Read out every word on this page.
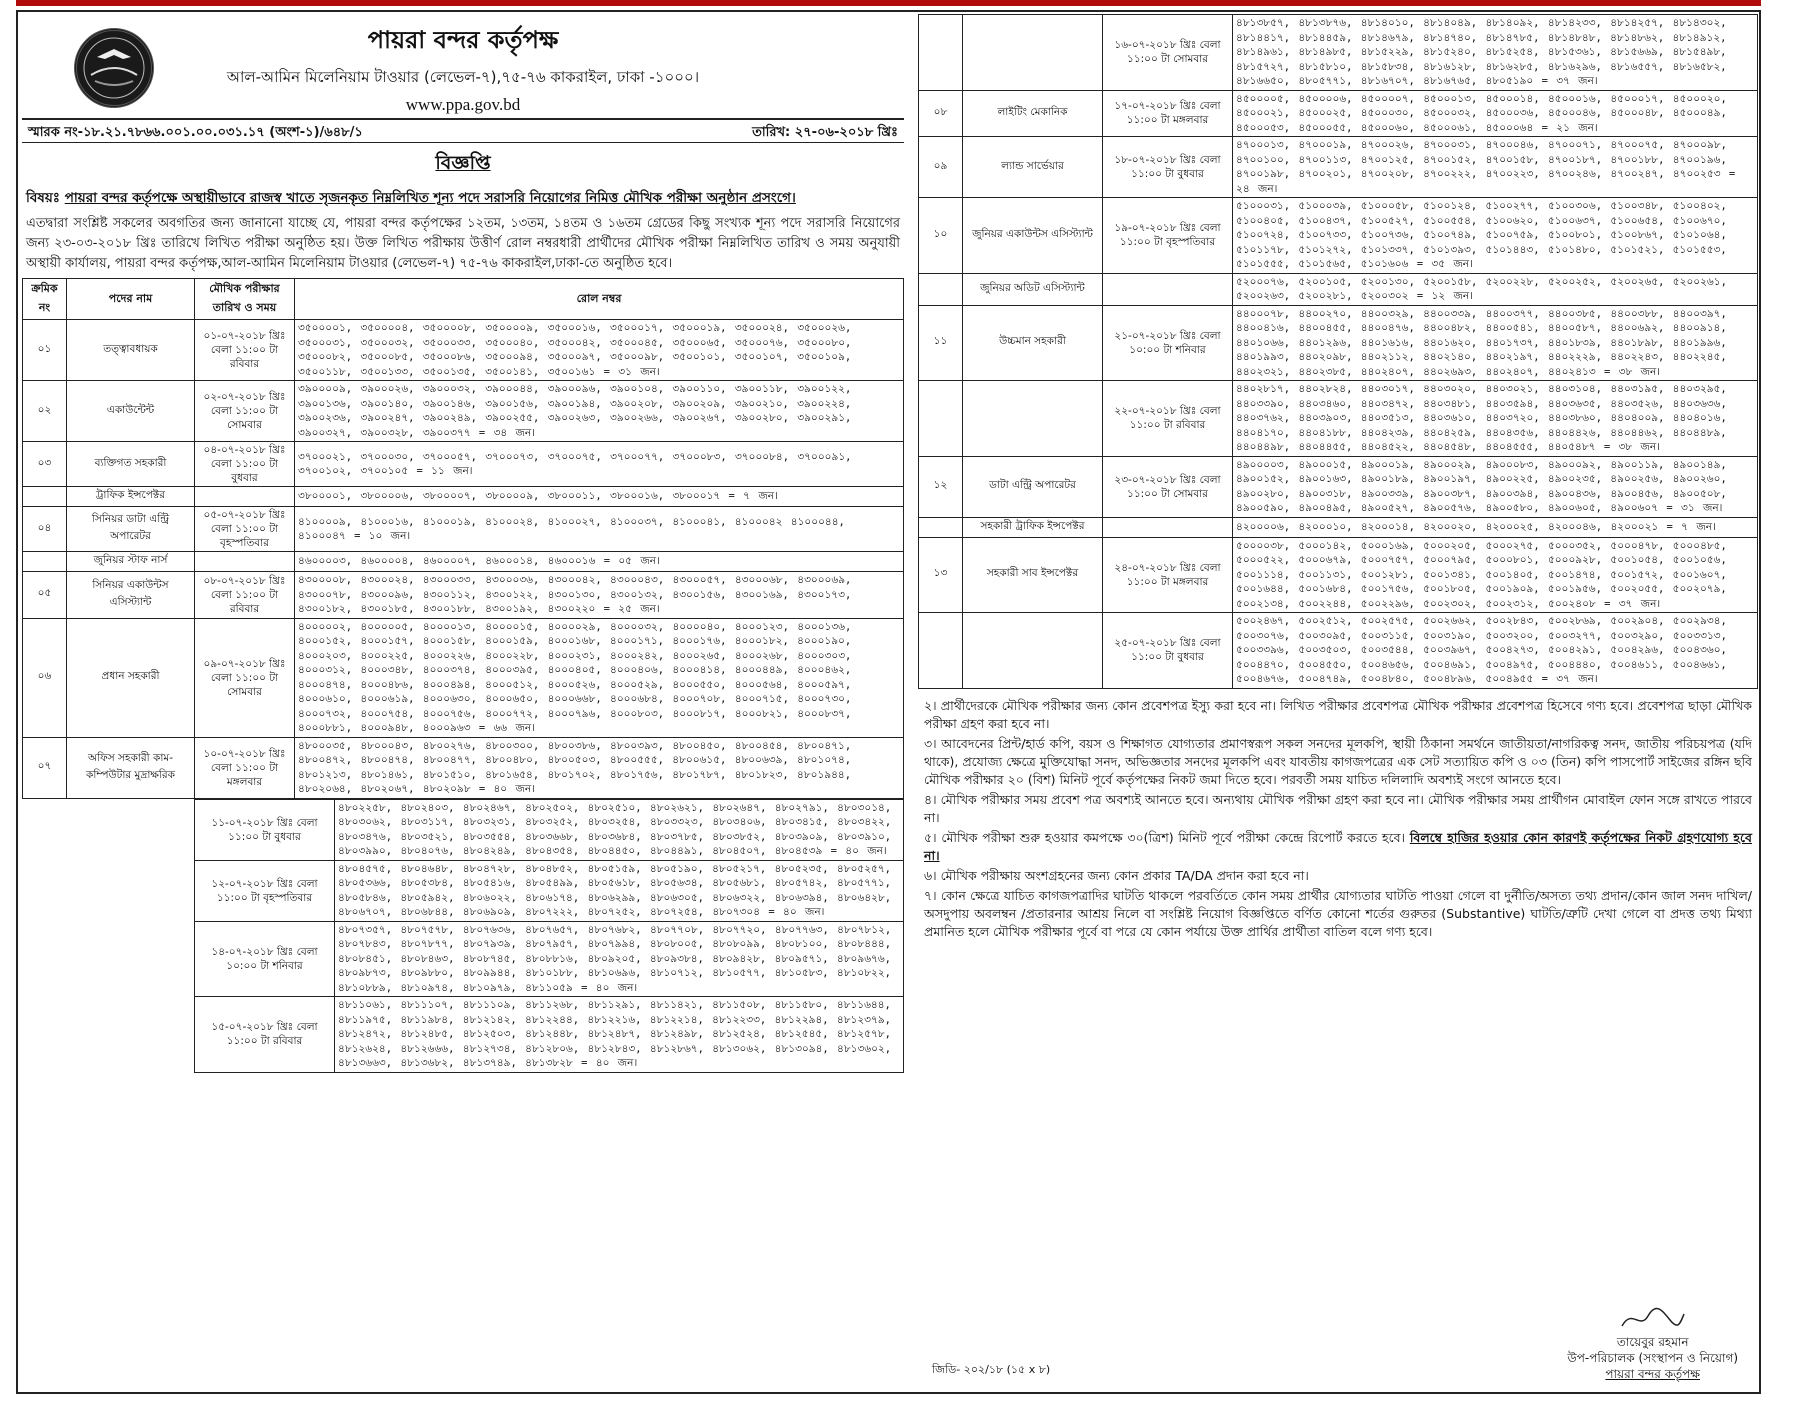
পায়রা বন্দর কর্তৃপক্ষ
আল-আমিন মিলেনিয়াম টাওয়ার (লেভেল-৭),৭৫-৭৬ কাকরাইল, ঢাকা -১০০০।
www.ppa.gov.bd
স্মারক নং-১৮.২১.৭৮৬৬.০০১.০০.০৩১.১৭ (অংশ-১)/৬৪৮/১	তারিখ: ২৭-০৬-২০১৮ খ্রিঃ
বিজ্ঞপ্তি
বিষয়ঃ পায়রা বন্দর কর্তৃপক্ষে অস্থায়ীভাবে রাজস্ব খাতে সৃজনকৃত নিম্নলিখিত শূন্য পদে সরাসরি নিয়োগের নিমিত্ত মৌখিক পরীক্ষা অনুষ্ঠান প্রসংগে।
এতদ্বারা সংশ্লিষ্ট সকলের অবগতির জন্য জানানো যাচ্ছে যে, পায়রা বন্দর কর্তৃপক্ষের ১২তম, ১৩তম, ১৪তম ও ১৬তম গ্রেডের কিছু সংখ্যক শূন্য পদে সরাসরি নিয়োগের জন্য ২৩-০৩-২০১৮ খ্রিঃ তারিখে লিখিত পরীক্ষা অনুষ্ঠিত হয়। উক্ত লিখিত পরীক্ষায় উত্তীর্ণ রোল নম্বরধারী প্রার্থীদের মৌখিক পরীক্ষা নিম্নলিখিত তারিখ ও সময় অনুযায়ী অস্থায়ী কার্যালয়, পায়রা বন্দর কর্তৃপক্ষ,আল-আমিন মিলেনিয়াম টাওয়ার (লেভেল-৭) ৭৫-৭৬ কাকরাইল,ঢাকা-তে অনুষ্ঠিত হবে।
ক্রমিক নং	পদের নাম	মৌখিক পরীক্ষার তারিখ ও সময়	রোল নম্বর
০১	তত্ত্বাবধায়ক	০১-০৭-২০১৮ খ্রিঃ বেলা ১১:০০ টা রবিবার	৩৫০০০০১, ৩৫০০০০৪, ৩৫০০০০৮, ৩৫০০০০৯, ৩৫০০০১৬, ৩৫০০০১৭, ৩৫০০০১৯, ৩৫০০০২৪, ৩৫০০০২৬, ৩৫০০০৩১, ৩৫০০০৩২, ৩৫০০০৩৩, ৩৫০০০৪০, ৩৫০০০৪২, ৩৫০০০৪৫, ৩৫০০০৬৫, ৩৫০০০৭৬, ৩৫০০০৮০, ৩৫০০০৮২, ৩৫০০০৮৫, ৩৫০০০৮৬, ৩৫০০০৯৪, ৩৫০০০৯৭, ৩৫০০০৯৮, ৩৫০০১০১, ৩৫০০১০৭, ৩৫০০১০৯, ৩৫০০১১৮, ৩৫০০১৩৩, ৩৫০০১৩৫, ৩৫০০১৪১, ৩৫০০১৬১ = ৩১ জন।
০২	একাউন্টেন্ট	০২-০৭-২০১৮ খ্রিঃ বেলা ১১:০০ টা সোমবার	৩৯০০০০৯, ৩৯০০০২৬, ৩৯০০০৩২, ৩৯০০০৪৪, ৩৯০০০৯৬, ৩৯০০১০৪, ৩৯০০১১০, ৩৯০০১১৮, ৩৯০০১২২, ৩৯০০১৩৬, ৩৯০০১৪০, ৩৯০০১৪৬, ৩৯০০১৫৬, ৩৯০০১৯৪, ৩৯০০২০৮, ৩৯০০২০৯, ৩৯০০২১০, ৩৯০০২২৪, ৩৯০০২৩৬, ৩৯০০২৪৭, ৩৯০০২৪৯, ৩৯০০২৫৫, ৩৯০০২৬৩, ৩৯০০২৬৬, ৩৯০০২৬৭, ৩৯০০২৮০, ৩৯০০২৯১, ৩৯০০৩২৭, ৩৯০০৩২৮, ৩৯০০৩৭৭ = ৩৪ জন।
০৩	ব্যক্তিগত সহকারী	০৪-০৭-২০১৮ খ্রিঃ বেলা ১১:০০ টা বুধবার	৩৭০০০২১, ৩৭০০০৩০, ৩৭০০০৫৭, ৩৭০০০৭৩, ৩৭০০০৭৫, ৩৭০০০৭৭, ৩৭০০০৮৩, ৩৭০০০৮৪, ৩৭০০০৯১, ৩৭০০১০২, ৩৭০০১০৫ = ১১ জন।
	ট্রাফিক ইন্সপেক্টর		৩৮০০০০১, ৩৮০০০০৬, ৩৮০০০০৭, ৩৮০০০০৯, ৩৮০০০১১, ৩৮০০০১৬, ৩৮০০০১৭ = ৭ জন।
০৪	সিনিয়র ডাটা এন্ট্রি অপারেটর	০৫-০৭-২০১৮ খ্রিঃ বেলা ১১:০০ টা বৃহস্পতিবার	৪১০০০০৯, ৪১০০০১৬, ৪১০০০১৯, ৪১০০০২৪, ৪১০০০২৭, ৪১০০০৩৭, ৪১০০০৪১, ৪১০০০৪২ ৪১০০০৪৪, ৪১০০০৪৭ = ১০ জন।
	জুনিয়র স্টাফ নার্স		৪৬০০০০৩, ৪৬০০০০৪, ৪৬০০০০৭, ৪৬০০০১৪, ৪৬০০০১৬ = ০৫ জন।
০৫	সিনিয়র একাউন্টস এসিস্ট্যান্ট	০৮-০৭-২০১৮ খ্রিঃ বেলা ১১:০০ টা রবিবার	৪৩০০০০৮, ৪৩০০০২৪, ৪৩০০০৩৩, ৪৩০০০৩৬, ৪৩০০০৪২, ৪৩০০০৪৩, ৪৩০০০৫৭, ৪৩০০০৬৮, ৪৩০০০৬৯, ৪৩০০০৭৮, ৪৩০০০৯৬, ৪৩০০১১২, ৪৩০০১২২, ৪৩০০১৩০, ৪৩০০১৩২, ৪৩০০১৫৬, ৪৩০০১৬৯, ৪৩০০১৭৩, ৪৩০০১৮২, ৪৩০০১৮৫, ৪৩০০১৮৮, ৪৩০০১৯২, ৪৩০০২২০ = ২৫ জন।
০৬	প্রধান সহকারী	০৯-০৭-২০১৮ খ্রিঃ বেলা ১১:০০ টা সোমবার	৪০০০০০২, ৪০০০০০৫, ৪০০০০১৩, ৪০০০০১৫, ৪০০০০২৯, ৪০০০০৩২, ৪০০০০৪০, ৪০০০১২৩, ৪০০০১৩৬, ৪০০০১৫২, ৪০০০১৫৭, ৪০০০১৫৮, ৪০০০১৫৯, ৪০০০১৬৮, ৪০০০১৭১, ৪০০০১৭৬, ৪০০০১৮২, ৪০০০১৯০, ৪০০০২০৩, ৪০০০২২৫, ৪০০০২২৬, ৪০০০২২৮, ৪০০০২৩১, ৪০০০২৪২, ৪০০০২৬৫, ৪০০০২৬৮, ৪০০০৩০৩, ৪০০০৩১২, ৪০০০৩৪৮, ৪০০০৩৭৪, ৪০০০৩৯৫, ৪০০০৪০৫, ৪০০০৪০৬, ৪০০০৪১৪, ৪০০০৪৪৯, ৪০০০৪৬২, ৪০০০৪৭৪, ৪০০০৪৮৬, ৪০০০৪৯৪, ৪০০০৫১২, ৪০০০৫২৬, ৪০০০৫২৯, ৪০০০৫৫০, ৪০০০৫৬৪, ৪০০০৫৯৭, ৪০০০৬১০, ৪০০০৬১৯, ৪০০০৬৩০, ৪০০০৬৫০, ৪০০০৬৬৮, ৪০০০৬৮৪, ৪০০০৭০৮, ৪০০০৭১৫, ৪০০০৭৩০, ৪০০০৭৩২, ৪০০০৭৫৪, ৪০০০৭৫৬, ৪০০০৭৭২, ৪০০০৭৯৬, ৪০০০৮০৩, ৪০০০৮১৭, ৪০০০৮২১, ৪০০০৮৩৭, ৪০০০৮৮১, ৪০০০৯৪৮, ৪০০০৯৬৩ = ৬৬ জন।
০৭	অফিস সহকারী কাম-কম্পিউটার মুদ্রাক্ষরিক	১০-০৭-২০১৮ খ্রিঃ বেলা ১১:০০ টা মঙ্গলবার	৪৮০০০৩৫, ৪৮০০০৪৩, ৪৮০০২৭৬, ৪৮০০৩০০, ৪৮০০৩৮৬, ৪৮০০৩৯৩, ৪৮০০৪৫০, ৪৮০০৪৫৪, ৪৮০০৪৭১, ৪৮০০৪৭২, ৪৮০০৪৭৪, ৪৮০০৪৭৭, ৪৮০০৪৮০, ৪৮০০৫০৩, ৪৮০০৫৫৫, ৪৮০০৬১৫, ৪৮০০৬৩৯, ৪৮০১০৭৪, ৪৮০১২১৩, ৪৮০১৪৬১, ৪৮০১৫১০, ৪৮০১৬৫৪, ৪৮০১৭০২, ৪৮০১৭৫৬, ৪৮০১৭৮৭, ৪৮০১৮২৩, ৪৮০১৯৪৪, ৪৮০২০৬৪, ৪৮০২০৬৭, ৪৮০২০৯৮ = ৪০ জন।
১১-০৭-২০১৮ খ্রিঃ বেলা ১১:০০ টা বুধবার	৪৮০২২৫৮, ৪৮০২৪০৩, ৪৮০২৪৬৭, ৪৮০২৫০২, ৪৮০২৫১০, ৪৮০২৬২১, ৪৮০২৬৪৭, ৪৮০২৭৯১, ৪৮০৩০১৪, ৪৮০৩০৬২, ৪৮০৩১১৭, ৪৮০৩২৩১, ৪৮০৩২৫২, ৪৮০৩২৫৪, ৪৮০৩৩২৩, ৪৮০৩৪০৬, ৪৮০৩৪১৫, ৪৮০৩৪২২, ৪৮০৩৪৭৬, ৪৮০৩৫২১, ৪৮০৩৫৫৪, ৪৮০৩৬৬৮, ৪৮০৩৬৮৪, ৪৮০৩৭৮৫, ৪৮০৩৮৫২, ৪৮০৩৯০৯, ৪৮০৩৯১০, ৪৮০৩৯৯০, ৪৮০৪০৭৬, ৪৮০৪২৪৯, ৪৮০৪৩৫৪, ৪৮০৪৪৫০, ৪৮০৪৪৯১, ৪৮০৪৫০৭, ৪৮০৪৫৩৯ = ৪০ জন।
১২-০৭-২০১৮ খ্রিঃ বেলা ১১:০০ টা বৃহস্পতিবার	৪৮০৪৫৭৫, ৪৮০৪৬৪৮, ৪৮০৪৭২৮, ৪৮০৪৮৫২, ৪৮০৫১৫৯, ৪৮০৫১৯০, ৪৮০৫২১৭, ৪৮০৫২৩৫, ৪৮০৫২৫৭, ৪৮০৫৩৬৬, ৪৮০৫৩৮৪, ৪৮০৫৪১৬, ৪৮০৫৪৯৯, ৪৮০৫৬১৮, ৪৮০৫৬৩৪, ৪৮০৫৬৮১, ৪৮০৫৭৪২, ৪৮০৫৭৭১, ৪৮০৫৮৪৬, ৪৮০৫৯৪২, ৪৮০৬০২২, ৪৮০৬১৭৪, ৪৮০৬২৯৯, ৪৮০৬৩০৫, ৪৮০৬৩২২, ৪৮০৬৩৯৪, ৪৮০৬৪২৮, ৪৮০৬৭০৭, ৪৮০৬৮৪৪, ৪৮০৬৯০৯, ৪৮০৭২২২, ৪৮০৭২৫২, ৪৮০৭২৫৪, ৪৮০৭৩০৪ = ৪০ জন।
১৪-০৭-২০১৮ খ্রিঃ বেলা ১০:০০ টা শনিবার	৪৮০৭৩৫৭, ৪৮০৭৫৭৮, ৪৮০৭৬৩৬, ৪৮০৭৬৫৭, ৪৮০৭৬৮২, ৪৮০৭৭০৮, ৪৮০৭৭২০, ৪৮০৭৭৬৩, ৪৮০৭৮১২, ৪৮০৭৮৪৩, ৪৮০৭৮৭৭, ৪৮০৭৯৩৯, ৪৮০৭৯৫৭, ৪৮০৭৯৯৪, ৪৮০৮০০৫, ৪৮০৮০৯৯, ৪৮০৮১০০, ৪৮০৮৪৪৪, ৪৮০৮৪৫১, ৪৮০৮৪৬৩, ৪৮০৮৭৪৫, ৪৮০৮৮১৬, ৪৮০৯২০৫, ৪৮০৯৩৮৪, ৪৮০৯৪২৮, ৪৮০৯৫৭১, ৪৮০৯৬৭৬, ৪৮০৯৮৭৩, ৪৮০৯৮৮০, ৪৮০৯৯৪৪, ৪৮১০১৮৮, ৪৮১০৬৯৬, ৪৮১০৭১২, ৪৮১০৫৭৭, ৪৮১০৫৮৩, ৪৮১০৮২২, ৪৮১০৮৮৯, ৪৮১০৯৭৪, ৪৮১০৯৭৯, ৪৮১১০৫৯ = ৪০ জন।
১৫-০৭-২০১৮ খ্রিঃ বেলা ১১:০০ টা রবিবার	৪৮১১০৬১, ৪৮১১১০৭, ৪৮১১১০৯, ৪৮১১২৬৮, ৪৮১১২৯১, ৪৮১১৪২১, ৪৮১১৫০৮, ৪৮১১৫৮০, ৪৮১১৬৪৪, ৪৮১১৯৭৫, ৪৮১১৯৮৪, ৪৮১২১৪২, ৪৮১২২৪৪, ৪৮১২২১৬, ৪৮১২২১৪, ৪৮১২২৩৩, ৪৮১২২৯৪, ৪৮১২৩৭৯, ৪৮১২৪৭২, ৪৮১২৪৮৫, ৪৮১২৫০৩, ৪৮১২৪৪৮, ৪৮১২৪৮৭, ৪৮১২৪৯৮, ৪৮১২৫২৪, ৪৮১২৫৪৫, ৪৮১২৫৭৮, ৪৮১২৬২৪, ৪৮১২৬৬৬, ৪৮১২৭৩৪, ৪৮১২৮০৬, ৪৮১২৮৪৩, ৪৮১২৮৬৭, ৪৮১৩০৬২, ৪৮১৩০৯৪, ৪৮১৩৬০২, ৪৮১৩৬৬৩, ৪৮১৩৬৮২, ৪৮১৩৭৪৯, ৪৮১৩৮২৮ = ৪০ জন।
		১৬-০৭-২০১৮ খ্রিঃ বেলা ১১:০০ টা সোমবার	৪৮১৩৮৫৭, ৪৮১৩৮৭৬, ৪৮১৪০১০, ৪৮১৪০৪৯, ৪৮১৪০৯২, ৪৮১৪২৩৩, ৪৮১৪২৫৭, ৪৮১৪৩০২, ৪৮১৪৪১৭, ৪৮১৪৪৫৯, ৪৮১৪৬৭৯, ৪৮১৪৭৪০, ৪৮১৪৭৮৫, ৪৮১৪৮৪৮, ৪৮১৪৮৬২, ৪৮১৪৯১২, ৪৮১৪৯৬১, ৪৮১৪৯৮৫, ৪৮১৫২২৯, ৪৮১৫২৪০, ৪৮১৫২৫৪, ৪৮১৫৩৬১, ৪৮১৫৬৬৯, ৪৮১৫৪৯৮, ৪৮১৫৭২৭, ৪৮১৫৮১০, ৪৮১৫৮৩৪, ৪৮১৬১২৮, ৪৮১৬২৮৫, ৪৮১৬২৯৬, ৪৮১৬৫৫৭, ৪৮১৬৫৮২, ৪৮১৬৬৫০, ৪৮০৫৭৭১, ৪৮১৬৭০৭, ৪৮১৬৭৬৫, ৪৮০৫১৯০ = ৩৭ জন।
০৮	লাইটিং মেকানিক	১৭-০৭-২০১৮ খ্রিঃ বেলা ১১:০০ টা মঙ্গলবার	৪৫০০০০৫, ৪৫০০০০৬, ৪৫০০০০৭, ৪৫০০০১৩, ৪৫০০০১৪, ৪৫০০০১৬, ৪৫০০০১৭, ৪৫০০০২০, ৪৫০০০২১, ৪৫০০০২৫, ৪৫০০০৩০, ৪৫০০০৩২, ৪৫০০০৩৬, ৪৫০০০৪৬, ৪৫০০০৪৮, ৪৫০০০৪৯, ৪৫০০০৫৩, ৪৫০০০৫৫, ৪৫০০০৬০, ৪৫০০০৬১, ৪৫০০০৬৪ = ২১ জন।
০৯	ল্যান্ড সার্ভেয়ার	১৮-০৭-২০১৮ খ্রিঃ বেলা ১১:০০ টা বুধবার	৪৭০০০১৩, ৪৭০০০১৯, ৪৭০০০২৬, ৪৭০০০৩১, ৪৭০০০৪৬, ৪৭০০০৭১, ৪৭০০০৭৫, ৪৭০০০৯৮, ৪৭০০১০০, ৪৭০০১১৩, ৪৭০০১২৫, ৪৭০০১৫২, ৪৭০০১৫৮, ৪৭০০১৮৭, ৪৭০০১৮৮, ৪৭০০১৯৬, ৪৭০০১৯৮, ৪৭০০২০১, ৪৭০০২০৮, ৪৭০০২২২, ৪৭০০২২৩, ৪৭০০২৪৬, ৪৭০০২৪৭, ৪৭০০২৫৩ = ২৪ জন।
১০	জুনিয়র একাউন্টস এসিস্ট্যান্ট	১৯-০৭-২০১৮ খ্রিঃ বেলা ১১:০০ টা বৃহস্পতিবার	৫১০০০৩১, ৫১০০০৩৯, ৫১০০০৫৮, ৫১০০১২৪, ৫১০০২৭৭, ৫১০০৩০৬, ৫১০০৩৪৮, ৫১০০৪০২, ৫১০০৪০৫, ৫১০০৪৩৭, ৫১০০৫২৭, ৫১০০৫৫৪, ৫১০০৬২০, ৫১০০৬৩৭, ৫১০০৬৫৪, ৫১০০৬৭০, ৫১০০৭২৪, ৫১০০৭৩৩, ৫১০০৭৩৬, ৫১০০৭৪৯, ৫১০০৭৫৯, ৫১০০৮০১, ৫১০০৮৬৭, ৫১০১০৬৪, ৫১০১১৭৮, ৫১০১২৭২, ৫১০১৩৩৭, ৫১০১৩৯৩, ৫১০১৪৪৩, ৫১০১৪৮০, ৫১০১৫২১, ৫১০১৫৫৩, ৫১০১৫৫৫, ৫১০১৫৬৫, ৫১০১৬০৬ = ৩৫ জন।
	জুনিয়র অডিট এসিস্ট্যান্ট		৫২০০০৭৬, ৫২০০১০৫, ৫২০০১৩০, ৫২০০১৫৮, ৫২০০২২৮, ৫২০০২৫২, ৫২০০২৬৫, ৫২০০২৬১, ৫২০০২৬৩, ৫২০০২৮১, ৫২০০৩০২ = ১২ জন।
১১	উচ্চমান সহকারী	২১-০৭-২০১৮ খ্রিঃ বেলা ১০:০০ টা শনিবার	৪৪০০০৭৮, ৪৪০০২৭০, ৪৪০০৩২৯, ৪৪০০৩৩৯, ৪৪০০৩৭৭, ৪৪০০৩৮৫, ৪৪০০৩৮৮, ৪৪০০৩৯৭, ৪৪০০৪১৬, ৪৪০০৪৫৫, ৪৪০০৪৭৬, ৪৪০০৪৮২, ৪৪০০৫৪১, ৪৪০০৫৮৭, ৪৪০০৬৯২, ৪৪০০৯১৪, ৪৪০১০৬৬, ৪৪০১২৯৬, ৪৪০১৬১৬, ৪৪০১৬২০, ৪৪০১৭৩৭, ৪৪০১৮৩৯, ৪৪০১৮৯৮, ৪৪০১৯৯৬, ৪৪০১৯৯৩, ৪৪০২০৯৮, ৪৪০২১১২, ৪৪০২১৪০, ৪৪০২১৯৭, ৪৪০২২২৯, ৪৪০২২৪৩, ৪৪০২২৪৫, ৪৪০২৩২১, ৪৪০২৩৮৫, ৪৪০২৪০৭, ৪৪০২৬৯৩, ৪৪০২৪০৭, ৪৪০২৪১৩ = ৩৮ জন।
		২২-০৭-২০১৮ খ্রিঃ বেলা ১১:০০ টা রবিবার	৪৪০২৮১৭, ৪৪০২৮২৪, ৪৪০৩০১৭, ৪৪০৩০২০, ৪৪০৩০২১, ৪৪০৩১০৪, ৪৪০৩১৯৫, ৪৪০৩২৯৫, ৪৪০৩৩৯০, ৪৪০৩৪৬০, ৪৪০৩৪৭২, ৪৪০৩৪৮১, ৪৪০৩৫৯৪, ৪৪০৩৬৩৫, ৪৪০৩৫২৬, ৪৪০৩৬৩৬, ৪৪০৩৭৬২, ৪৪০৩৯০৩, ৪৪০৩৫১৩, ৪৪০৩৬১০, ৪৪০৩৭২০, ৪৪০৩৮৬০, ৪৪০৪০০৯, ৪৪০৪০১৬, ৪৪০৪১৭০, ৪৪০৪১৮৮, ৪৪০৪২৩৯, ৪৪০৪২৫৯, ৪৪০৪৩৫৬, ৪৪০৪৪২৬, ৪৪০৪৪৬২, ৪৪০৪৪৮৯, ৪৪০৪৪৯৮, ৪৪০৪৪৫৫, ৪৪০৪৫২২, ৪৪০৪৫৪৮, ৪৪০৪৫৫৫, ৪৪০৫৪৮৭ = ৩৮ জন।
১২	ডাটা এন্ট্রি অপারেটর	২৩-০৭-২০১৮ খ্রিঃ বেলা ১১:০০ টা সোমবার	৪৯০০০০৩, ৪৯০০০১৫, ৪৯০০০১৯, ৪৯০০০২৯, ৪৯০০০৮৩, ৪৯০০০৯২, ৪৯০০১১৯, ৪৯০০১৪৯, ৪৯০০১৫২, ৪৯০০১৬৩, ৪৯০০১৮৯, ৪৯০০১৯৭, ৪৯০০২২৫, ৪৯০০২৩৫, ৪৯০০২৫৬, ৪৯০০২৬০, ৪৯০০২৮০, ৪৯০০৩১৮, ৪৯০০৩৩৯, ৪৯০০৩৮৭, ৪৯০০৩৯৪, ৪৯০০৪৩৬, ৪৯০০৪৫৬, ৪৯০০৫০৮, ৪৯০০৫৯০, ৪৯০০৪৯৫, ৪৯০০৫২৭, ৪৯০০৫৭৬, ৪৯০০৫৮০, ৪৯০০৬০৫, ৪৯০০৬০৭ = ৩১ জন।
	সহকারী ট্রাফিক ইন্সপেক্টর		৪২০০০০৬, ৪২০০০১০, ৪২০০০১৪, ৪২০০০২০, ৪২০০০২৫, ৪২০০০৪৬, ৪২০০০২১ = ৭ জন।
১৩	সহকারী সাব ইন্সপেক্টর	২৪-০৭-২০১৮ খ্রিঃ বেলা ১১:০০ টা মঙ্গলবার	৫০০০০৩৮, ৫০০০১৪২, ৫০০০১৬৯, ৫০০০২০৫, ৫০০০২৭৫, ৫০০০৩৫২, ৫০০০৪৭৮, ৫০০০৪৮৫, ৫০০০৫২২, ৫০০০৬৭৯, ৫০০০৭৫৭, ৫০০০৭৯৫, ৫০০০৮০১, ৫০০০৯২৮, ৫০০১০৫৪, ৫০০১০৫৬, ৫০০১১১৪, ৫০০১১৩১, ৫০০১২৮১, ৫০০১৩৪১, ৫০০১৪০৫, ৫০০১৪৭৪, ৫০০১৫৭২, ৫০০১৬০৭, ৫০০১৬৪৪, ৫০০১৬৮৪, ৫০০১৭৫৬, ৫০০১৮০৫, ৫০০১৯০৯, ৫০০১৯৫৬, ৫০০২০৫৫, ৫০০২০৭৯, ৫০০২১৩৪, ৫০০২২৪৪, ৫০০২২৯৬, ৫০০২৩০২, ৫০০২৩১২, ৫০০২৪০৮ = ৩৭ জন।
		২৫-০৭-২০১৮ খ্রিঃ বেলা ১১:০০ টা বুধবার	৫০০২৪৬৭, ৫০০২৫১২, ৫০০২৫৭৫, ৫০০২৬৬২, ৫০০২৮৪৩, ৫০০২৮৬৯, ৫০০২৯০৪, ৫০০২৯৩৪, ৫০০৩০৭৬, ৫০০৩০৯৫, ৫০০৩১১৫, ৫০০৩১৯০, ৫০০৩২০০, ৫০০৩২৭৭, ৫০০৩২৯০, ৫০০৩৩১৩, ৫০০৩৩৯৬, ৫০০৩৫০৩, ৫০০৩৫৪৪, ৫০০৩৯৬৭, ৫০০৪২৭৩, ৫০০৪২৯১, ৫০০৪২৯৬, ৫০০৪৩৬০, ৫০০৪৪৭০, ৫০০৪৫৫০, ৫০০৪৬৫৬, ৫০০৪৬৯১, ৫০০৪৯৭৫, ৫০০৪৪৪০, ৫০০৪৬১১, ৫০০৪৬৬১, ৫০০৪৬৭৬, ৫০০৪৭৪৯, ৫০০৪৮৪০, ৫০০৪৮৯৬, ৫০০৪৯৫৫ = ৩৭ জন।

২। প্রার্থীদেরকে মৌখিক পরীক্ষার জন্য কোন প্রবেশপত্র ইস্যু করা হবে না। লিখিত পরীক্ষার প্রবেশপত্র মৌখিক পরীক্ষার প্রবেশপত্র হিসেবে গণ্য হবে। প্রবেশপত্র ছাড়া মৌখিক পরীক্ষা গ্রহণ করা হবে না।

৩। আবেদনের প্রিন্ট/হার্ড কপি, বয়স ও শিক্ষাগত যোগ্যতার প্রমাণস্বরূপ সকল সনদের মূলকপি, স্থায়ী ঠিকানা সমর্থনে জাতীয়তা/নাগরিকত্ব সনদ, জাতীয় পরিচয়পত্র (যদি থাকে), প্রযোজ্য ক্ষেত্রে মুক্তিযোদ্ধা সনদ, অভিজ্ঞতার সনদের মূলকপি এবং যাবতীয় কাগজপত্রের এক সেট সত্যায়িত কপি ও ০৩ (তিন) কপি পাসপোর্ট সাইজের রঙ্গিন ছবি মৌখিক পরীক্ষার ২০ (বিশ) মিনিট পূর্বে কর্তৃপক্ষের নিকট জমা দিতে হবে। পরবর্তী সময় যাচিত দলিলাদি অবশ্যই সংগে আনতে হবে।

৪। মৌখিক পরীক্ষার সময় প্রবেশ পত্র অবশ্যই আনতে হবে। অন্যথায় মৌখিক পরীক্ষা গ্রহণ করা হবে না। মৌখিক পরীক্ষার সময় প্রার্থীগন মোবাইল ফোন সঙ্গে রাখতে পারবে না।

৫। মৌখিক পরীক্ষা শুরু হওয়ার কমপক্ষে ৩০(ত্রিশ) মিনিট পূর্বে পরীক্ষা কেন্দ্রে রিপোর্ট করতে হবে। বিলম্বে হাজির হওয়ার কোন কারণই কর্তৃপক্ষের নিকট গ্রহণযোগ্য হবে না।

৬। মৌখিক পরীক্ষায় অংশগ্রহনের জন্য কোন প্রকার TA/DA প্রদান করা হবে না।

৭। কোন ক্ষেত্রে যাচিত কাগজপত্রাদির ঘাটতি থাকলে পরবর্তিতে কোন সময় প্রার্থীর যোগ্যতার ঘাটতি পাওয়া গেলে বা দুর্নীতি/অসত্য তথ্য প্রদান/কোন জাল সনদ দাখিল/অসদুপায় অবলম্বন /প্রতারনার আশ্রয় নিলে বা সংশ্লিষ্ট নিয়োগ বিজ্ঞপ্তিতে বর্ণিত কোনো শর্তের গুরুতর (Substantive) ঘাটতি/ত্রুটি দেখা গেলে বা প্রদত্ত তথ্য মিথ্যা প্রমানিত হলে মৌখিক পরীক্ষার পূর্বে বা পরে যে কোন পর্যায়ে উক্ত প্রার্থির প্রার্থীতা বাতিল বলে গণ্য হবে।

জিডি- ২০২/১৮ (১৫ x ৮)
তায়েবুর রহমান
উপ-পরিচালক (সংস্থাপন ও নিয়োগ)
পায়রা বন্দর কর্তৃপক্ষ
